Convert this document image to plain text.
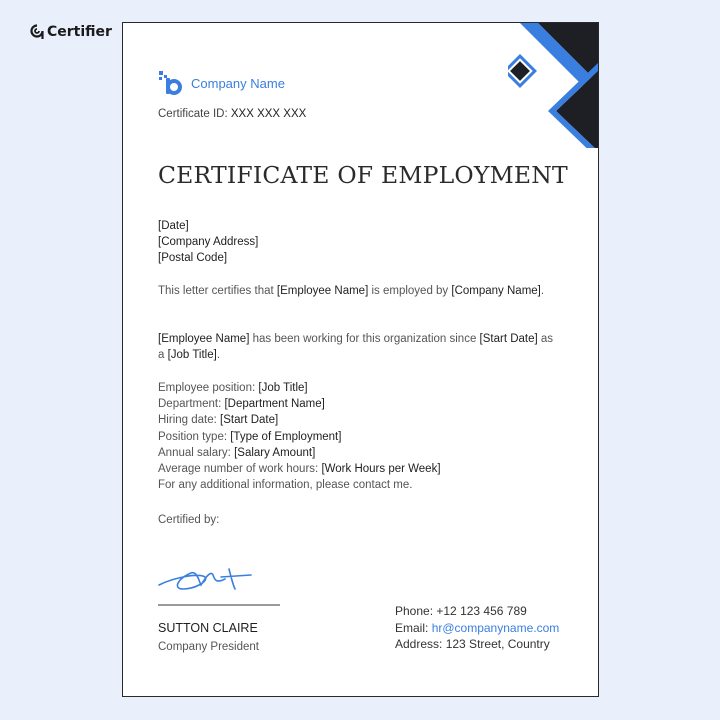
Certifier
Company Name
Certificate ID: XXX XXX XXX
CERTIFICATE OF EMPLOYMENT
[Date]
[Company Address]
[Postal Code]

This letter certifies that [Employee Name] is employed by [Company Name].

[Employee Name] has been working for this organization since [Start Date] as a [Job Title].

Employee position: [Job Title]
Department: [Department Name]
Hiring date: [Start Date]
Position type: [Type of Employment]
Annual salary: [Salary Amount]
Average number of work hours: [Work Hours per Week]
For any additional information, please contact me.
Certified by:
SUTTON CLAIRE
Company President
Phone: +12 123 456 789
Email: hr@companyname.com
Address: 123 Street, Country
